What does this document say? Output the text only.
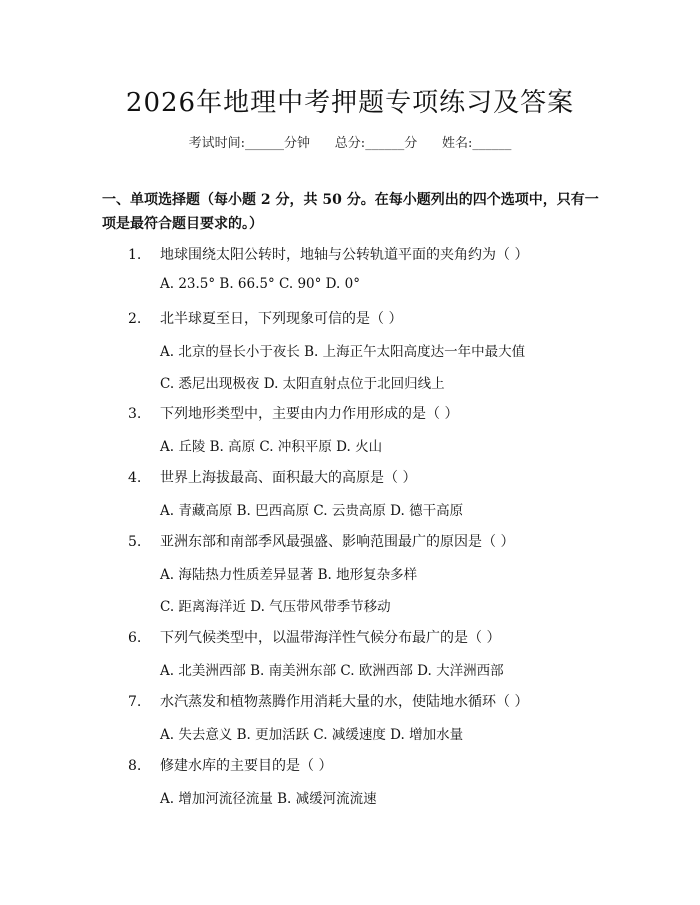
2026年地理中考押题专项练习及答案
考试时间:______分钟 总分:______分 姓名:______
一、单项选择题（每小题 2 分，共 50 分。在每小题列出的四个选项中，只有一项是最符合题目要求的。）
1. 地球围绕太阳公转时，地轴与公转轨道平面的夹角约为（ ）
A. 23.5° B. 66.5° C. 90° D. 0°
2. 北半球夏至日，下列现象可信的是（ ）
A. 北京的昼长小于夜长 B. 上海正午太阳高度达一年中最大值
C. 悉尼出现极夜 D. 太阳直射点位于北回归线上
3. 下列地形类型中，主要由内力作用形成的是（ ）
A. 丘陵 B. 高原 C. 冲积平原 D. 火山
4. 世界上海拔最高、面积最大的高原是（ ）
A. 青藏高原 B. 巴西高原 C. 云贵高原 D. 德干高原
5. 亚洲东部和南部季风最强盛、影响范围最广的原因是（ ）
A. 海陆热力性质差异显著 B. 地形复杂多样
C. 距离海洋近 D. 气压带风带季节移动
6. 下列气候类型中，以温带海洋性气候分布最广的是（ ）
A. 北美洲西部 B. 南美洲东部 C. 欧洲西部 D. 大洋洲西部
7. 水汽蒸发和植物蒸腾作用消耗大量的水，使陆地水循环（ ）
A. 失去意义 B. 更加活跃 C. 减缓速度 D. 增加水量
8. 修建水库的主要目的是（ ）
A. 增加河流径流量 B. 减缓河流流速
